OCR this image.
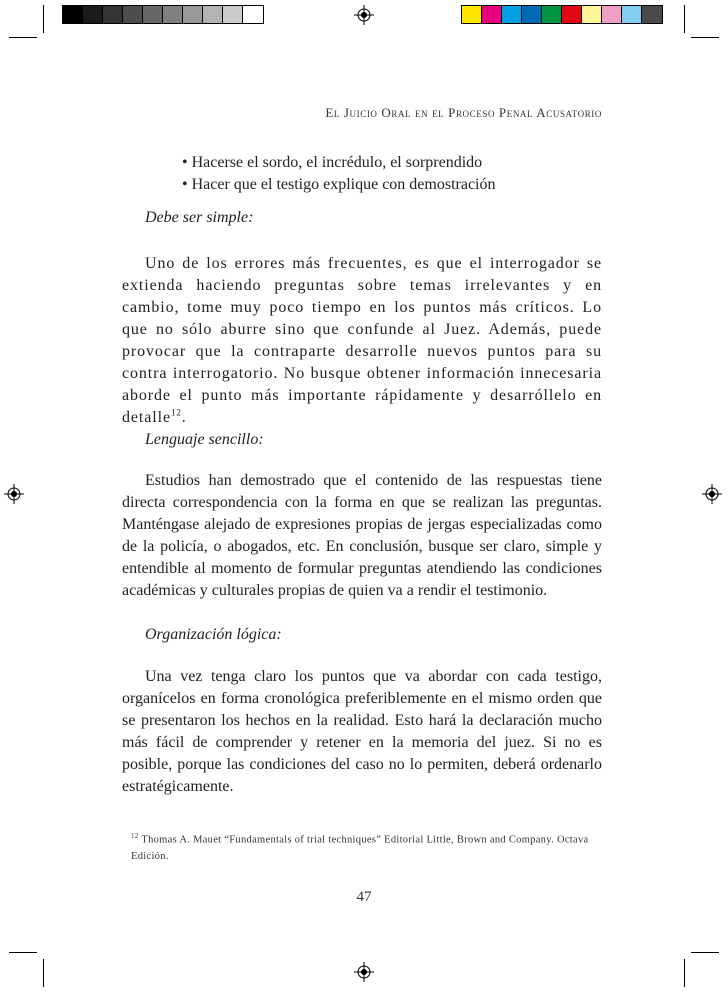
El Juicio Oral en el Proceso Penal Acusatorio
• Hacerse el sordo, el incrédulo, el sorprendido
• Hacer que el testigo explique con demostración
Debe ser simple:
Uno de los errores más frecuentes, es que el interrogador se extienda haciendo preguntas sobre temas irrelevantes y en cambio, tome muy poco tiempo en los puntos más críticos. Lo que no sólo aburre sino que confunde al Juez. Además, puede provocar que la contraparte desarrolle nuevos puntos para su contra interrogatorio. No busque obtener información innecesaria aborde el punto más importante rápidamente y desarróllelo en detalle$^{12}$.
Lenguaje sencillo:
Estudios han demostrado que el contenido de las respuestas tiene directa correspondencia con la forma en que se realizan las preguntas. Manténgase alejado de expresiones propias de jergas especializadas como de la policía, o abogados, etc. En conclusión, busque ser claro, simple y entendible al momento de formular preguntas atendiendo las condiciones académicas y culturales propias de quien va a rendir el testimonio.
Organización lógica:
Una vez tenga claro los puntos que va abordar con cada testigo, organícelos en forma cronológica preferiblemente en el mismo orden que se presentaron los hechos en la realidad. Esto hará la declaración mucho más fácil de comprender y retener en la memoria del juez. Si no es posible, porque las condiciones del caso no lo permiten, deberá ordenarlo estratégicamente.
$^{12}$ Thomas A. Mauet “Fundamentals of trial techniques” Editorial Little, Brown and Company. Octava Edición.
47
